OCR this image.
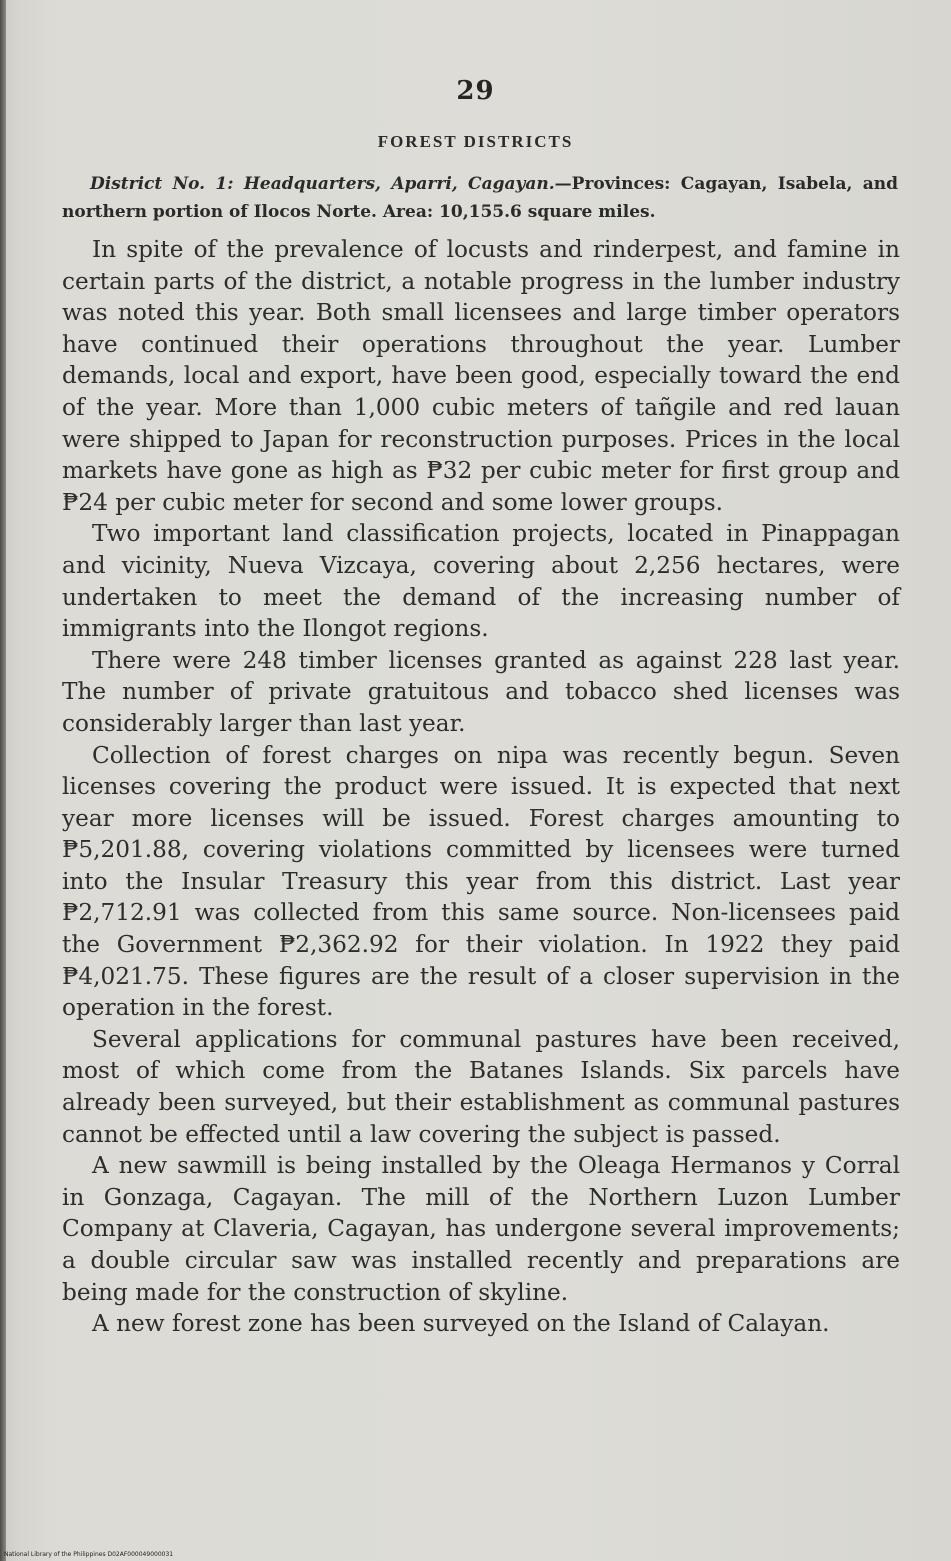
29
FOREST DISTRICTS
District No. 1: Headquarters, Aparri, Cagayan.—Provinces: Cagayan, Isabela, and northern portion of Ilocos Norte. Area: 10,155.6 square miles.

In spite of the prevalence of locusts and rinderpest, and famine in certain parts of the district, a notable progress in the lumber industry was noted this year. Both small licensees and large timber operators have continued their operations throughout the year. Lumber demands, local and export, have been good, especially toward the end of the year. More than 1,000 cubic meters of tañgile and red lauan were shipped to Japan for reconstruction purposes. Prices in the local markets have gone as high as ₱32 per cubic meter for first group and ₱24 per cubic meter for second and some lower groups.

Two important land classification projects, located in Pinappagan and vicinity, Nueva Vizcaya, covering about 2,256 hectares, were undertaken to meet the demand of the increasing number of immigrants into the Ilongot regions.

There were 248 timber licenses granted as against 228 last year. The number of private gratuitous and tobacco shed licenses was considerably larger than last year.

Collection of forest charges on nipa was recently begun. Seven licenses covering the product were issued. It is expected that next year more licenses will be issued. Forest charges amounting to ₱5,201.88, covering violations committed by licensees were turned into the Insular Treasury this year from this district. Last year ₱2,712.91 was collected from this same source. Non-licensees paid the Government ₱2,362.92 for their violation. In 1922 they paid ₱4,021.75. These figures are the result of a closer supervision in the operation in the forest.

Several applications for communal pastures have been received, most of which come from the Batanes Islands. Six parcels have already been surveyed, but their establishment as communal pastures cannot be effected until a law covering the subject is passed.

A new sawmill is being installed by the Oleaga Hermanos y Corral in Gonzaga, Cagayan. The mill of the Northern Luzon Lumber Company at Claveria, Cagayan, has undergone several improvements; a double circular saw was installed recently and preparations are being made for the construction of skyline.

A new forest zone has been surveyed on the Island of Calayan.

National Library of the Philippines D02AF000049000031
